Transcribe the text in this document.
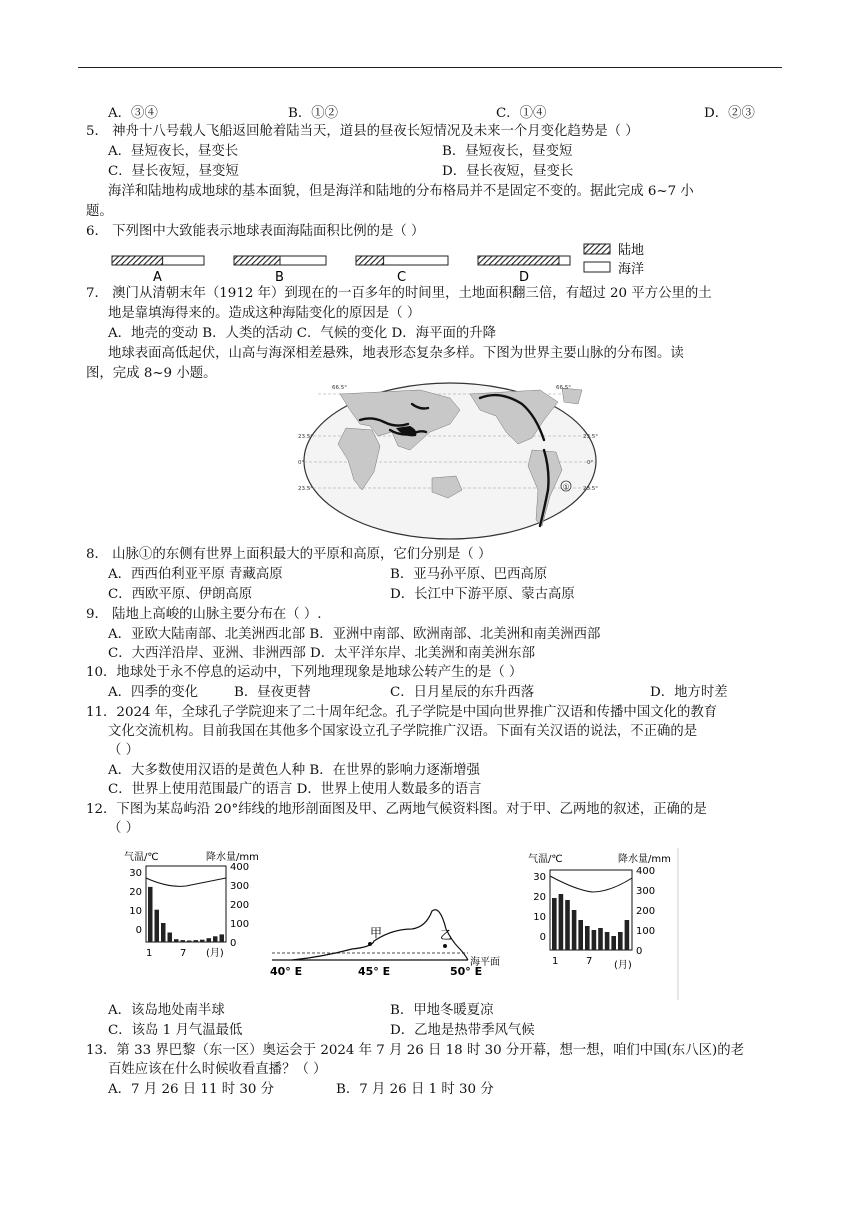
A．③④	B．①②	C．①④	D．②③
5． 神舟十八号载人飞船返回舱着陆当天，道县的昼夜长短情况及未来一个月变化趋势是（ ）
A．昼短夜长，昼变长	B．昼短夜长，昼变短
C．昼长夜短，昼变短	D．昼长夜短，昼变长
海洋和陆地构成地球的基本面貌，但是海洋和陆地的分布格局并不是固定不变的。据此完成 6~7 小
题。
6． 下列图中大致能表示地球表面海陆面积比例的是（ ）
A	B	C	D
陆地
海洋
7． 澳门从清朝末年（1912 年）到现在的一百多年的时间里，土地面积翻三倍，有超过 20 平方公里的土
地是靠填海得来的。造成这种海陆变化的原因是（ ）
A．地壳的变动 B．人类的活动 C．气候的变化 D．海平面的升降
地球表面高低起伏，山高与海深相差悬殊，地表形态复杂多样。下图为世界主要山脉的分布图。读
图，完成 8~9 小题。
①
66.5°
23.5°
0°
23.5°
66.5°
23.5°
0°
23.5°
8． 山脉①的东侧有世界上面积最大的平原和高原，它们分别是（ ）
A．西西伯利亚平原 青藏高原	B．亚马孙平原、巴西高原
C．西欧平原、伊朗高原	D．长江中下游平原、蒙古高原
9． 陆地上高峻的山脉主要分布在（ ）.
A．亚欧大陆南部、北美洲西北部 B．亚洲中南部、欧洲南部、北美洲和南美洲西部
C．大西洋沿岸、亚洲、非洲西部 D．太平洋东岸、北美洲和南美洲东部
10．地球处于永不停息的运动中，下列地理现象是地球公转产生的是（ ）
A．四季的变化	B．昼夜更替	C．日月星辰的东升西落	D．地方时差
11．2024 年，全球孔子学院迎来了二十周年纪念。孔子学院是中国向世界推广汉语和传播中国文化的教育
文化交流机构。目前我国在其他多个国家设立孔子学院推广汉语。下面有关汉语的说法，不正确的是
（ ）
A．大多数使用汉语的是黄色人种 B．在世界的影响力逐渐增强
C．世界上使用范围最广的语言 D．世界上使用人数最多的语言
12．下图为某岛屿沿 20°纬线的地形剖面图及甲、乙两地气候资料图。对于甲、乙两地的叙述，正确的是
（ ）
气温/℃	降水量/mm
30
20
10
0
400
300
200
100
0
1	7 (月)
甲	乙
海平面
40° E	45° E	50° E
气温/℃	降水量/mm
30
20
10
0
400
300
200
100
0
1	7 (月)
A．该岛地处南半球	B．甲地冬暖夏凉
C．该岛 1 月气温最低	D．乙地是热带季风气候
13．第 33 界巴黎（东一区）奥运会于 2024 年 7 月 26 日 18 时 30 分开幕，想一想，咱们中国(东八区)的老
百姓应该在什么时候收看直播？（ ）
A．7 月 26 日 11 时 30 分	B．7 月 26 日 1 时 30 分
